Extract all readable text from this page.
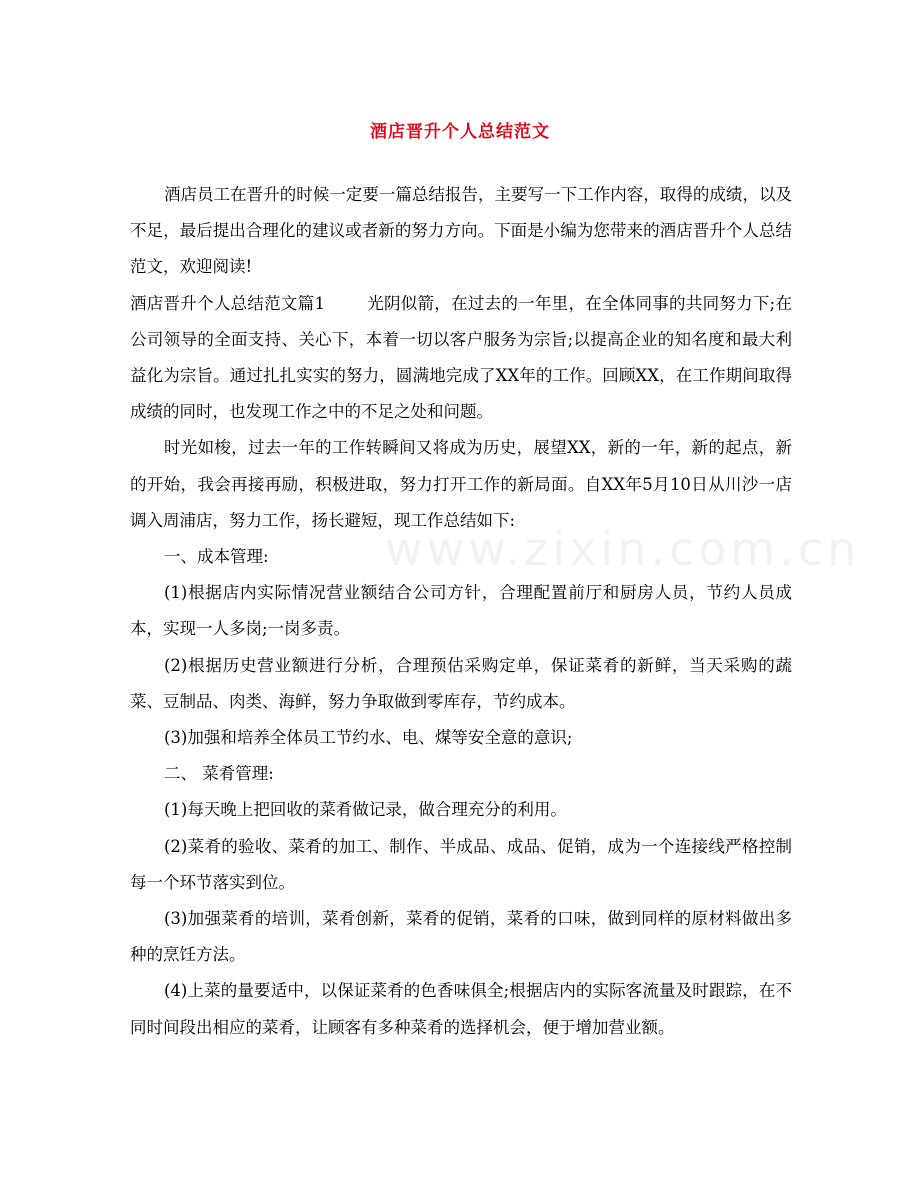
酒店晋升个人总结范文
www.zixin.com.cn

酒店员工在晋升的时候一定要一篇总结报告，主要写一下工作内容，取得的成绩，以及不足，最后提出合理化的建议或者新的努力方向。下面是小编为您带来的酒店晋升个人总结范文，欢迎阅读!

酒店晋升个人总结范文篇1	光阴似箭，在过去的一年里，在全体同事的共同努力下;在公司领导的全面支持、关心下，本着一切以客户服务为宗旨;以提高企业的知名度和最大利益化为宗旨。通过扎扎实实的努力，圆满地完成了XX年的工作。回顾XX，在工作期间取得成绩的同时，也发现工作之中的不足之处和问题。

时光如梭，过去一年的工作转瞬间又将成为历史，展望XX，新的一年，新的起点，新的开始，我会再接再励，积极进取，努力打开工作的新局面。自XX年5月10日从川沙一店调入周浦店，努力工作，扬长避短，现工作总结如下:

一、成本管理:

(1)根据店内实际情况营业额结合公司方针，合理配置前厅和厨房人员，节约人员成本，实现一人多岗;一岗多责。

(2)根据历史营业额进行分析，合理预估采购定单，保证菜肴的新鲜，当天采购的蔬菜、豆制品、肉类、海鲜，努力争取做到零库存，节约成本。

(3)加强和培养全体员工节约水、电、煤等安全意的意识;

二、 菜肴管理:

(1)每天晚上把回收的菜肴做记录，做合理充分的利用。

(2)菜肴的验收、菜肴的加工、制作、半成品、成品、促销，成为一个连接线严格控制每一个环节落实到位。

(3)加强菜肴的培训，菜肴创新，菜肴的促销，菜肴的口味，做到同样的原材料做出多种的烹饪方法。

(4)上菜的量要适中，以保证菜肴的色香味俱全;根据店内的实际客流量及时跟踪，在不同时间段出相应的菜肴，让顾客有多种菜肴的选择机会，便于增加营业额。
